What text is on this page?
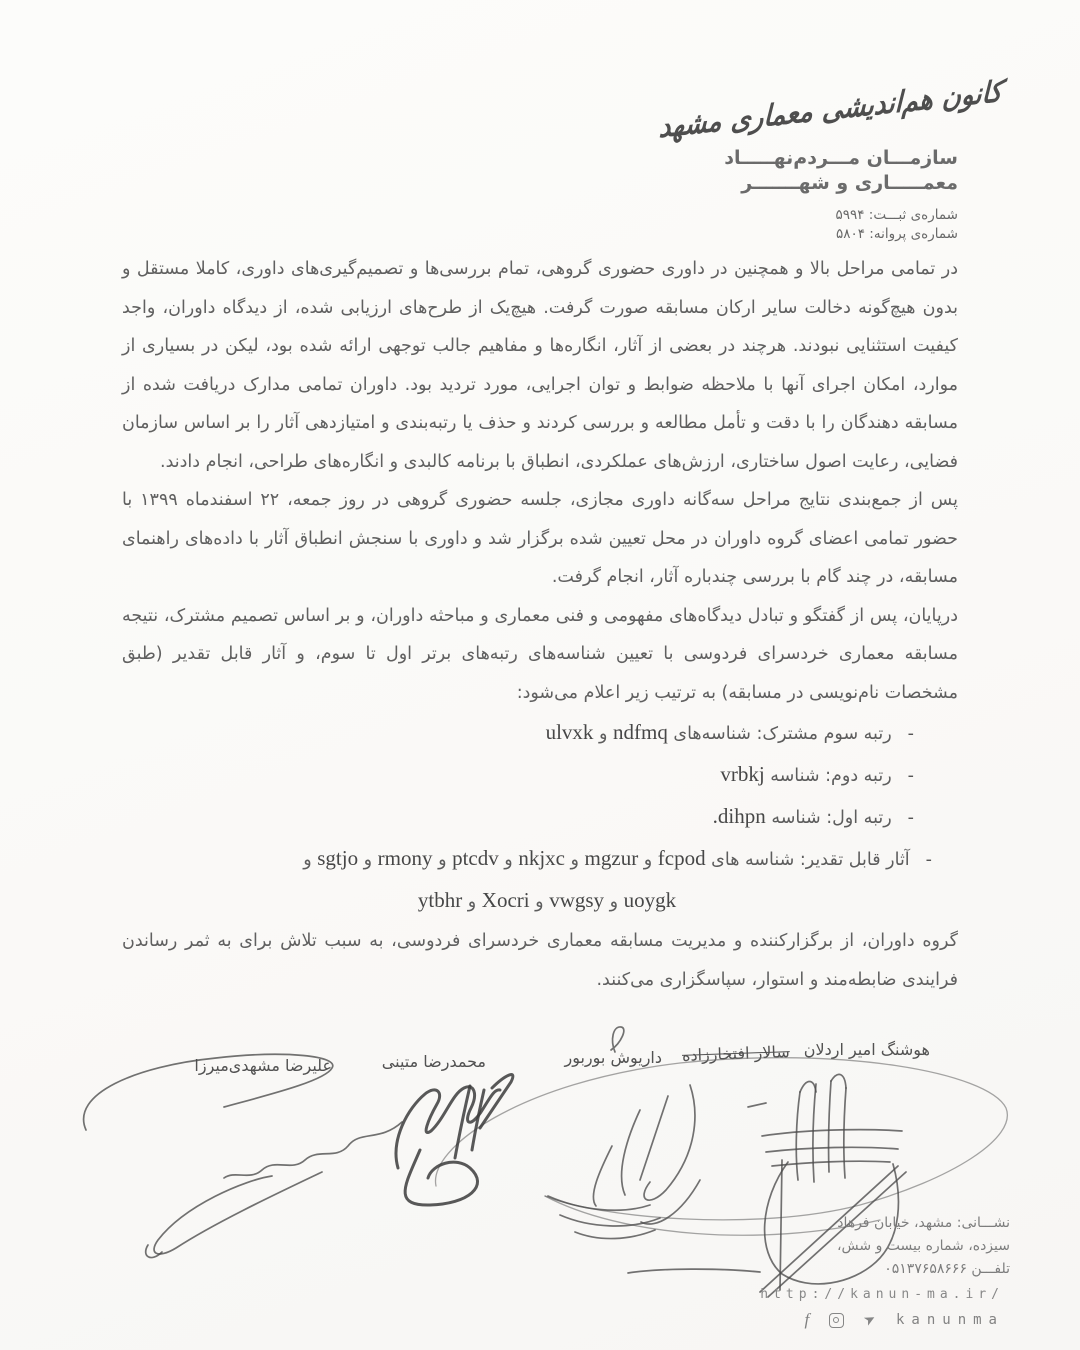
کانون هم‌اندیشی معماری مشهد
سازمـــان مـــردم‌نهـــــاد
معمـــــاری و شهـــــــر
شماره‌ی ثبـــت: ۵۹۹۴
شماره‌ی پروانه: ۵۸۰۴

در تمامی مراحل بالا و همچنین در داوری حضوری گروهی، تمام بررسی‌ها و تصمیم‌گیری‌های داوری، کاملا مستقل و بدون هیچ‌گونه دخالت سایر ارکان مسابقه صورت گرفت. هیچ‌یک از طرح‌های ارزیابی شده، از دیدگاه داوران، واجد کیفیت استثنایی نبودند. هرچند در بعضی از آثار، انگاره‌ها و مفاهیم جالب توجهی ارائه شده بود، لیکن در بسیاری از موارد، امکان اجرای آنها با ملاحظه ضوابط و توان اجرایی، مورد تردید بود. داوران تمامی مدارک دریافت شده از مسابقه دهندگان را با دقت و تأمل مطالعه و بررسی کردند و حذف یا رتبه‌بندی و امتیازدهی آثار را بر اساس سازمان فضایی، رعایت اصول ساختاری، ارزش‌های عملکردی، انطباق با برنامه کالبدی و انگاره‌های طراحی، انجام دادند.

پس از جمع‌بندی نتایج مراحل سه‌گانه داوری مجازی، جلسه حضوری گروهی در روز جمعه، ۲۲ اسفندماه ۱۳۹۹ با حضور تمامی اعضای گروه داوران در محل تعیین شده برگزار شد و داوری با سنجش انطباق آثار با داده‌های راهنمای مسابقه، در چند گام با بررسی چندباره آثار، انجام گرفت.

درپایان، پس از گفتگو و تبادل دیدگاه‌های مفهومی و فنی معماری و مباحثه داوران، و بر اساس تصمیم مشترک، نتیجه مسابقه معماری خردسرای فردوسی با تعیین شناسه‌های رتبه‌های برتر اول تا سوم، و آثار قابل تقدیر (طبق مشخصات نام‌نویسی در مسابقه) به ترتیب زیر اعلام می‌شود:

-رتبه سوم مشترک: شناسه‌های ndfmq و ulvxk
-رتبه دوم: شناسه vrbkj
-رتبه اول: شناسه dihpn.
-آثار قابل تقدیر: شناسه های fcpod و mgzur و nkjxc و ptcdv و rmony و sgtjo و
uoygk و vwgsy و Xocri و ytbhr

گروه داوران، از برگزارکننده و مدیریت مسابقه معماری خردسرای فردوسی، به سبب تلاش برای به ثمر رساندن فرایندی ضابطه‌مند و استوار، سپاسگزاری می‌کنند.

هوشنگ امیر اردلان
سالار افتخارزاده
داریوش بوربور
محمدرضا متینی
علیرضا مشهدی‌میرزا
نشـــانی: مشهد، خیابان فرهاد
سیزده، شماره بیست و شش،
تلفـــن ۰۵۱۳۷۶۵۸۶۶۶
http://kanun-ma.ir/
f	➤ kanunma
